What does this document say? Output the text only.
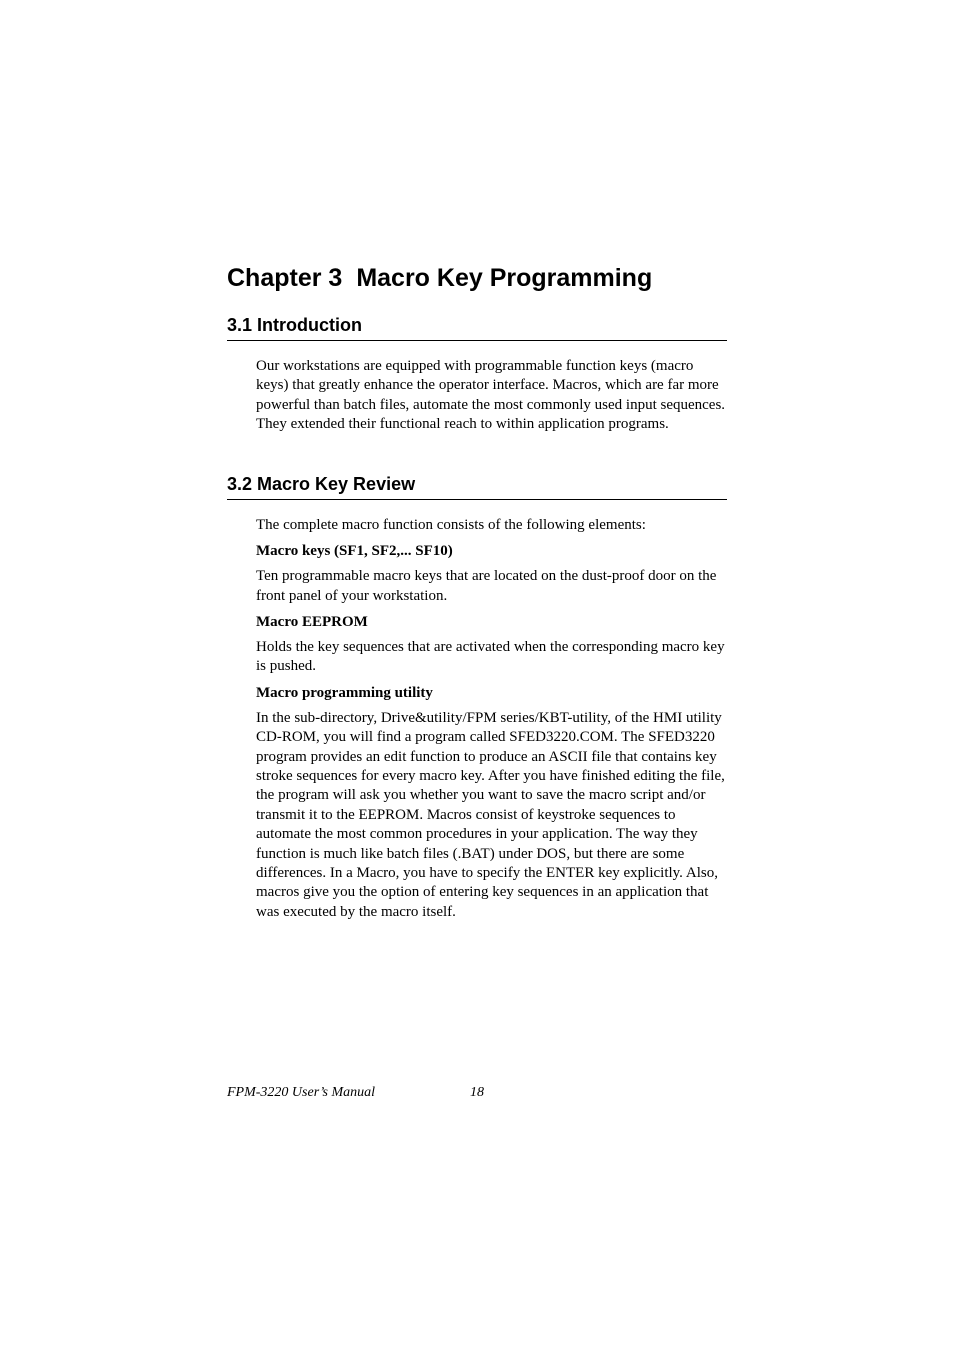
Chapter 3 Macro Key Programming
3.1 Introduction

Our workstations are equipped with programmable function keys (macro keys) that greatly enhance the operator interface. Macros, which are far more powerful than batch files, automate the most commonly used input sequences. They extended their functional reach to within application programs.

3.2 Macro Key Review

The complete macro function consists of the following elements:

Macro keys (SF1, SF2,... SF10)

Ten programmable macro keys that are located on the dust-proof door on the front panel of your workstation.

Macro EEPROM

Holds the key sequences that are activated when the corresponding macro key is pushed.

Macro programming utility

In the sub-directory, Drive&utility/FPM series/KBT-utility, of the HMI utility CD-ROM, you will find a program called SFED3220.COM. The SFED3220 program provides an edit function to produce an ASCII file that contains key stroke sequences for every macro key. After you have finished editing the file, the program will ask you whether you want to save the macro script and/or transmit it to the EEPROM. Macros consist of keystroke sequences to automate the most common procedures in your application. The way they function is much like batch files (.BAT) under DOS, but there are some differences. In a Macro, you have to specify the ENTER key explicitly. Also, macros give you the option of entering key sequences in an application that was executed by the macro itself.

FPM-3220 User’s Manual	18
